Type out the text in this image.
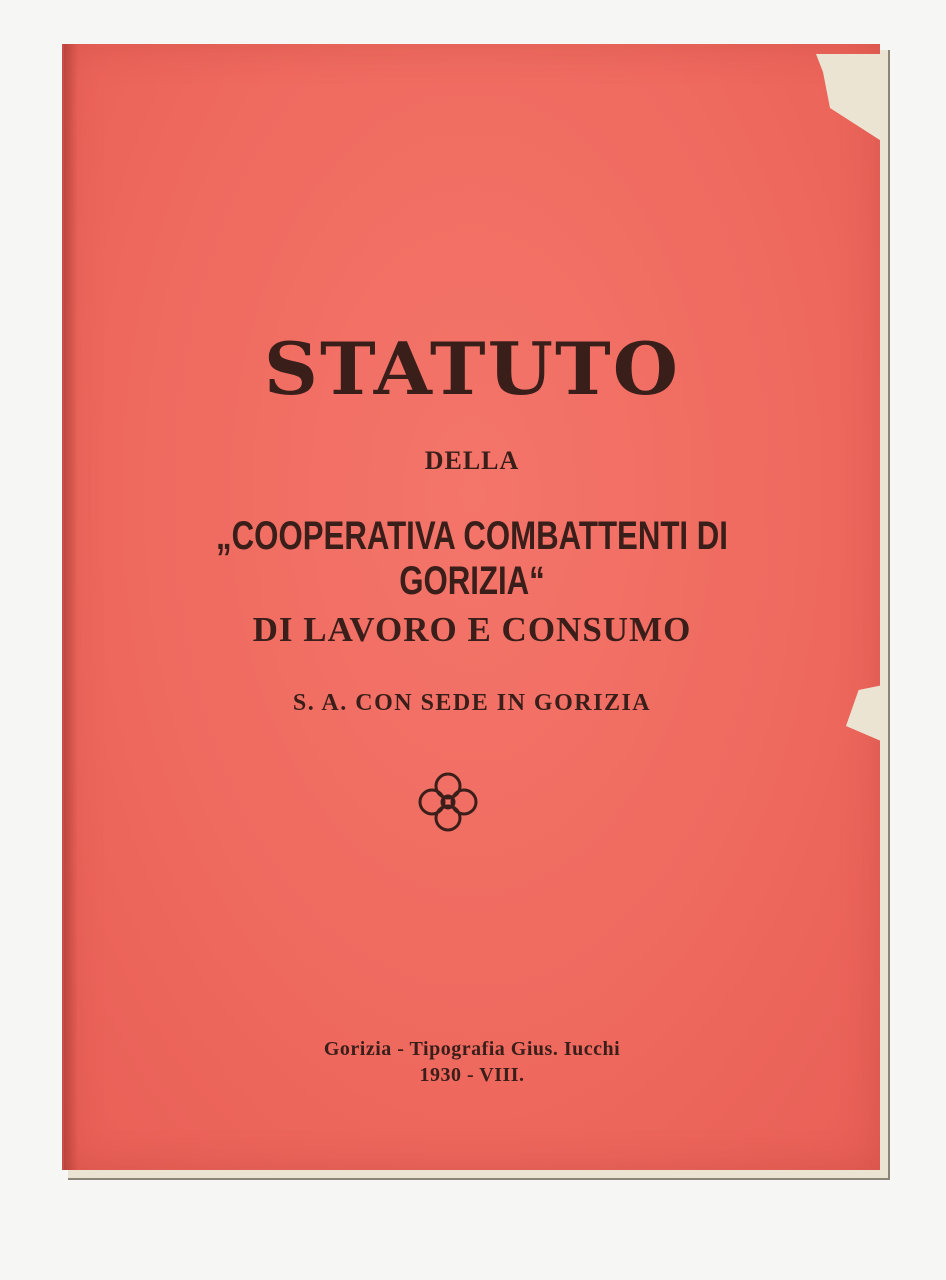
STATUTO
DELLA
„COOPERATIVA COMBATTENTI DI GORIZIA“
DI LAVORO E CONSUMO
S. A. CON SEDE IN GORIZIA
Gorizia - Tipografia Gius. Iucchi
1930 - VIII.
